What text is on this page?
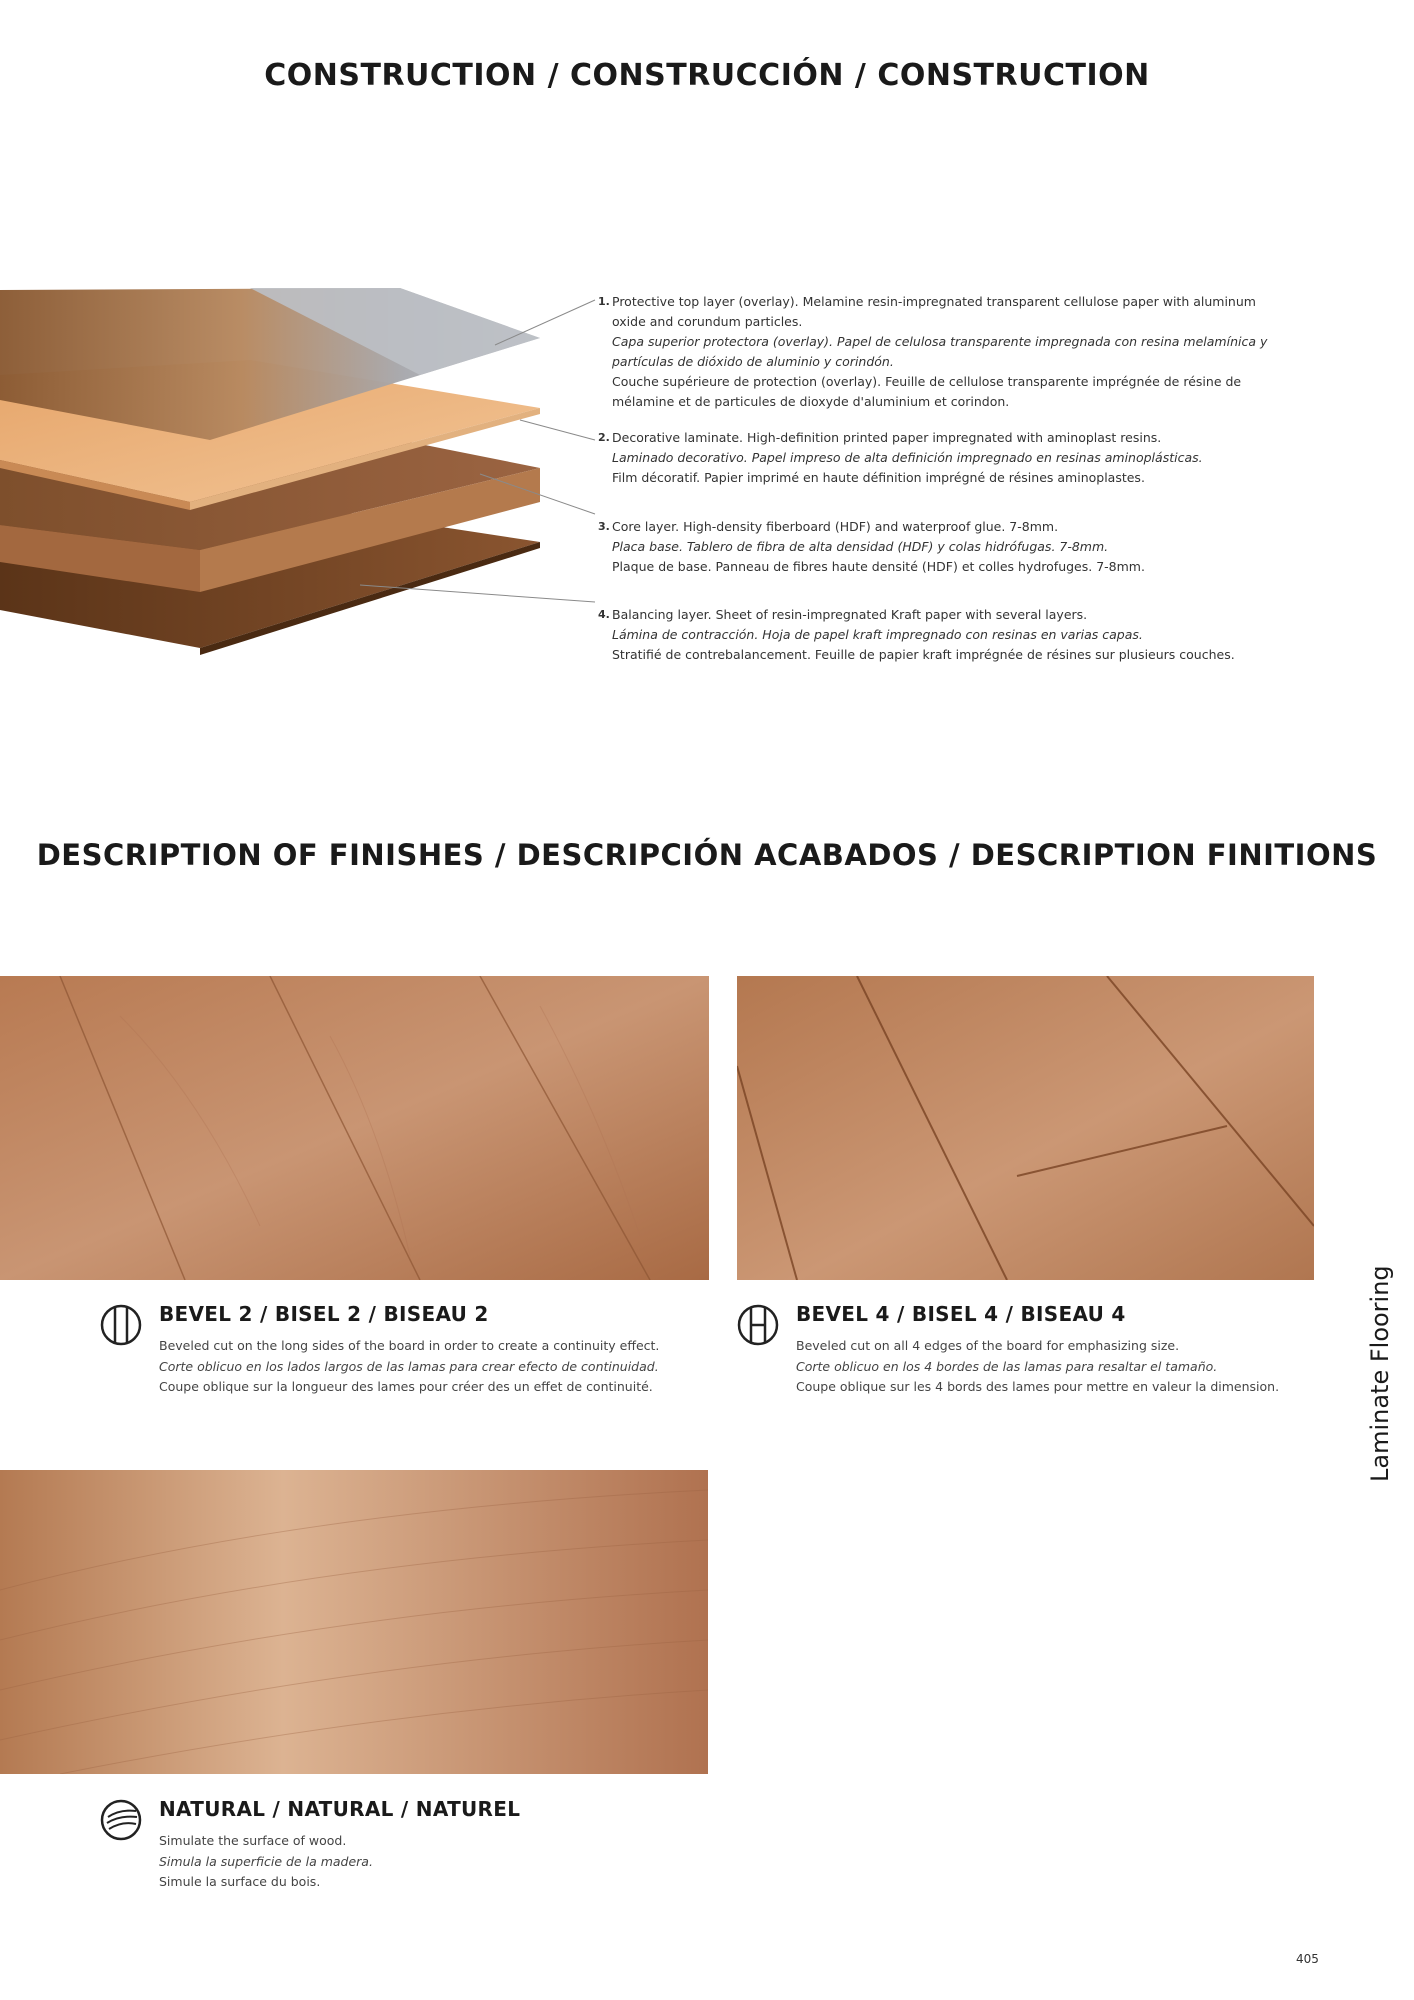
CONSTRUCTION / CONSTRUCCIÓN / CONSTRUCTION
1. Protective top layer (overlay). Melamine resin-impregnated transparent cellulose paper with aluminum
oxide and corundum particles.
Capa superior protectora (overlay). Papel de celulosa transparente impregnada con resina melamínica y
partículas de dióxido de aluminio y corindón.
Couche supérieure de protection (overlay). Feuille de cellulose transparente imprégnée de résine de
mélamine et de particules de dioxyde d'aluminium et corindon.
2. Decorative laminate. High-definition printed paper impregnated with aminoplast resins.
Laminado decorativo. Papel impreso de alta definición impregnado en resinas aminoplásticas.
Film décoratif. Papier imprimé en haute définition imprégné de résines aminoplastes.
3. Core layer. High-density fiberboard (HDF) and waterproof glue. 7-8mm.
Placa base. Tablero de fibra de alta densidad (HDF) y colas hidrófugas. 7-8mm.
Plaque de base. Panneau de fibres haute densité (HDF) et colles hydrofuges. 7-8mm.
4. Balancing layer. Sheet of resin-impregnated Kraft paper with several layers.
Lámina de contracción. Hoja de papel kraft impregnado con resinas en varias capas.
Stratifié de contrebalancement. Feuille de papier kraft imprégnée de résines sur plusieurs couches.
DESCRIPTION OF FINISHES / DESCRIPCIÓN ACABADOS / DESCRIPTION FINITIONS
BEVEL 2 / BISEL 2 / BISEAU 2
Beveled cut on the long sides of the board in order to create a continuity effect.
Corte oblicuo en los lados largos de las lamas para crear efecto de continuidad.
Coupe oblique sur la longueur des lames pour créer des un effet de continuité.
BEVEL 4 / BISEL 4 / BISEAU 4
Beveled cut on all 4 edges of the board for emphasizing size.
Corte oblicuo en los 4 bordes de las lamas para resaltar el tamaño.
Coupe oblique sur les 4 bords des lames pour mettre en valeur la dimension.
NATURAL / NATURAL / NATUREL
Simulate the surface of wood.
Simula la superficie de la madera.
Simule la surface du bois.
Laminate Flooring
405
